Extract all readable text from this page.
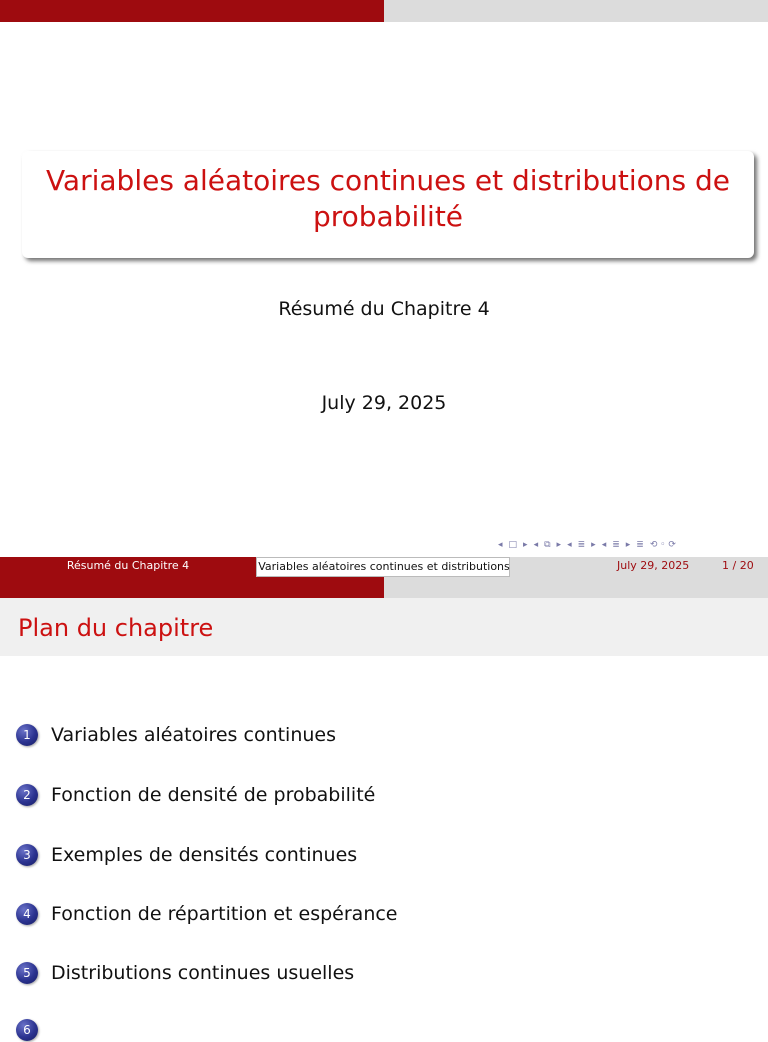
Variables aléatoires continues et distributions de probabilité
Résumé du Chapitre 4
July 29, 2025
◂ □ ▸ ◂ ⧉ ▸ ◂ ≣ ▸ ◂ ≣ ▸ ≣ ⟲ ◦ ⟳
Résumé du Chapitre 4	Variables aléatoires continues et distributions	July 29, 2025	1 / 20
Plan du chapitre
1	Variables aléatoires continues
2	Fonction de densité de probabilité
3	Exemples de densités continues
4	Fonction de répartition et espérance
5	Distributions continues usuelles
6
